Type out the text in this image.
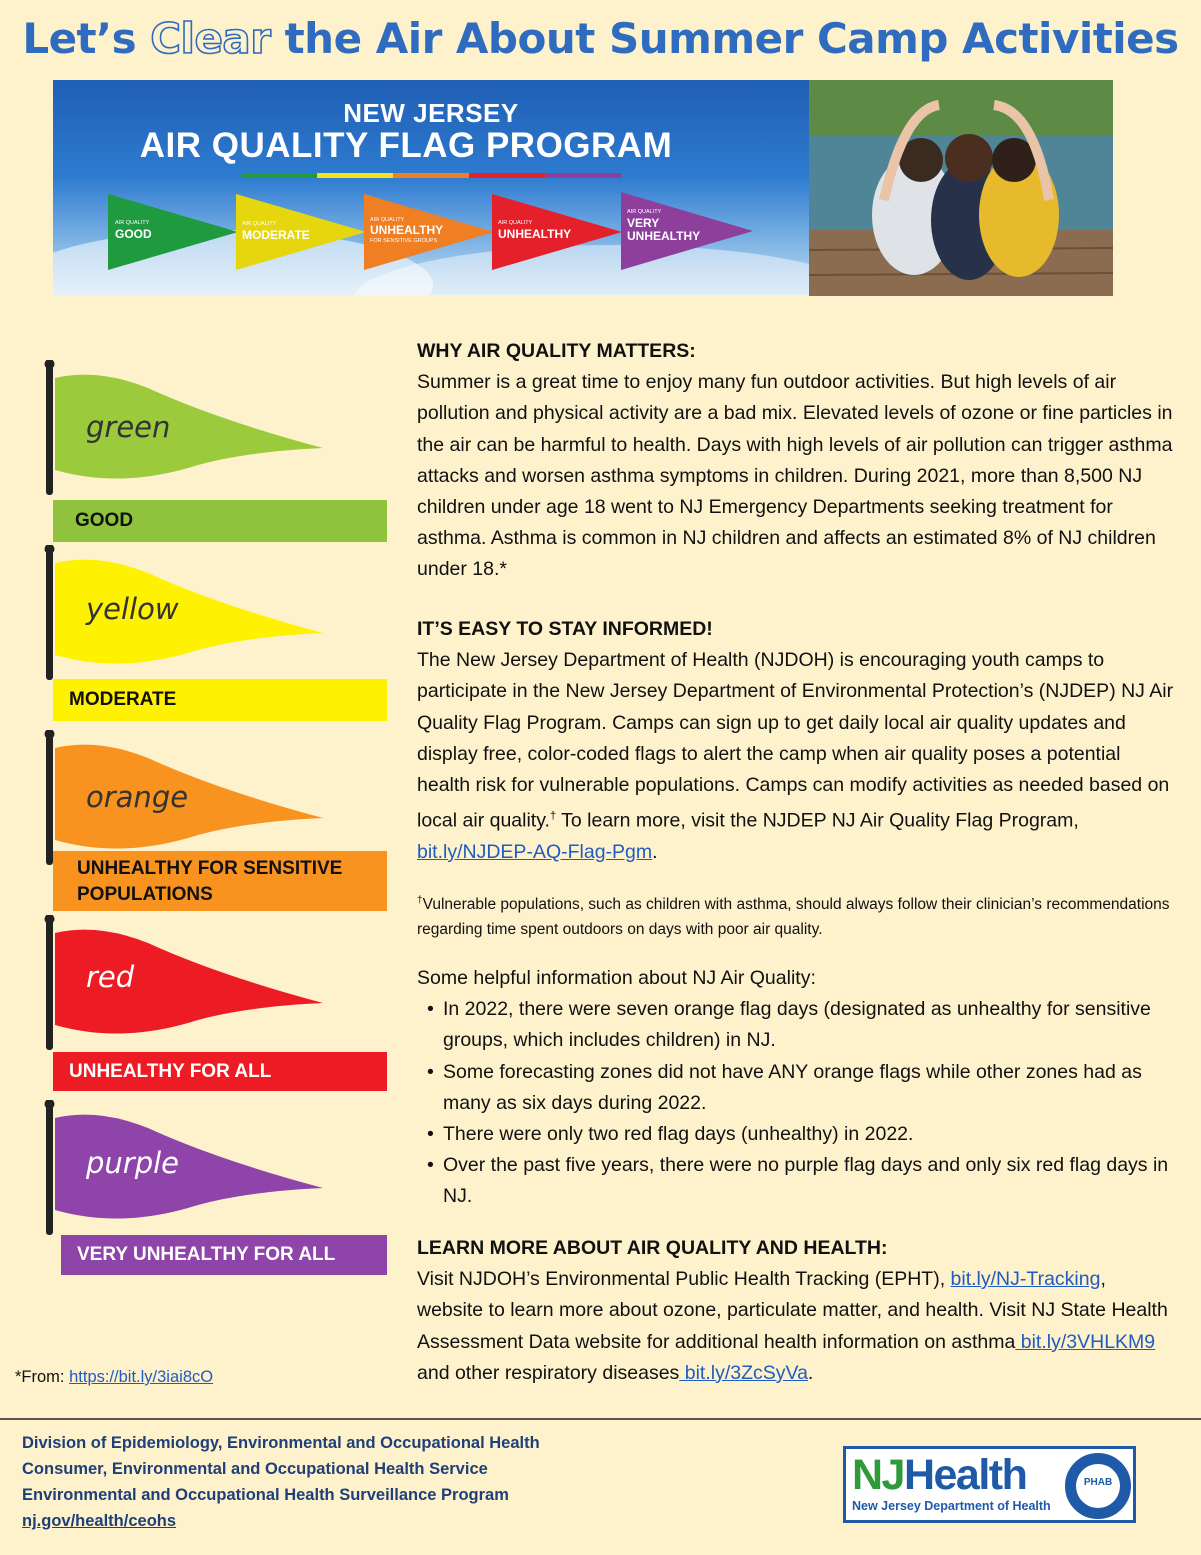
Let’s Clear the Air About Summer Camp Activities
NEW JERSEY
AIR QUALITY FLAG PROGRAM
AIR QUALITY
GOOD
AIR QUALITY
MODERATE
AIR QUALITY
UNHEALTHY
FOR SENSITIVE GROUPS
AIR QUALITY
UNHEALTHY
AIR QUALITY
VERY UNHEALTHY
green
GOOD
yellow
MODERATE
orange
UNHEALTHY FOR SENSITIVE POPULATIONS
red
UNHEALTHY FOR ALL
purple
VERY UNHEALTHY FOR ALL
WHY AIR QUALITY MATTERS:

Summer is a great time to enjoy many fun outdoor activities. But high levels of air pollution and physical activity are a bad mix. Elevated levels of ozone or fine particles in the air can be harmful to health. Days with high levels of air pollution can trigger asthma attacks and worsen asthma symptoms in children. During 2021, more than 8,500 NJ children under age 18 went to NJ Emergency Departments seeking treatment for asthma. Asthma is common in NJ children and affects an estimated 8% of NJ children under 18.*

IT’S EASY TO STAY INFORMED!

The New Jersey Department of Health (NJDOH) is encouraging youth camps to participate in the New Jersey Department of Environmental Protection’s (NJDEP) NJ Air Quality Flag Program. Camps can sign up to get daily local air quality updates and display free, color-coded flags to alert the camp when air quality poses a potential health risk for vulnerable populations. Camps can modify activities as needed based on local air quality.† To learn more, visit the NJDEP NJ Air Quality Flag Program, bit.ly/NJDEP-AQ-Flag-Pgm.

†Vulnerable populations, such as children with asthma, should always follow their clinician’s recommendations regarding time spent outdoors on days with poor air quality.
Some helpful information about NJ Air Quality:
• In 2022, there were seven orange flag days (designated as unhealthy for sensitive groups, which includes children) in NJ.
• Some forecasting zones did not have ANY orange flags while other zones had as many as six days during 2022.
• There were only two red flag days (unhealthy) in 2022.
• Over the past five years, there were no purple flag days and only six red flag days in NJ.
LEARN MORE ABOUT AIR QUALITY AND HEALTH:

Visit NJDOH’s Environmental Public Health Tracking (EPHT), bit.ly/NJ-Tracking, website to learn more about ozone, particulate matter, and health. Visit NJ State Health Assessment Data website for additional health information on asthma bit.ly/3VHLKM9 and other respiratory diseases bit.ly/3ZcSyVa.

*From: https://bit.ly/3iai8cO
Division of Epidemiology, Environmental and Occupational Health
Consumer, Environmental and Occupational Health Service
Environmental and Occupational Health Surveillance Program
nj.gov/health/ceohs
NJHealth
New Jersey Department of Health
PHAB
